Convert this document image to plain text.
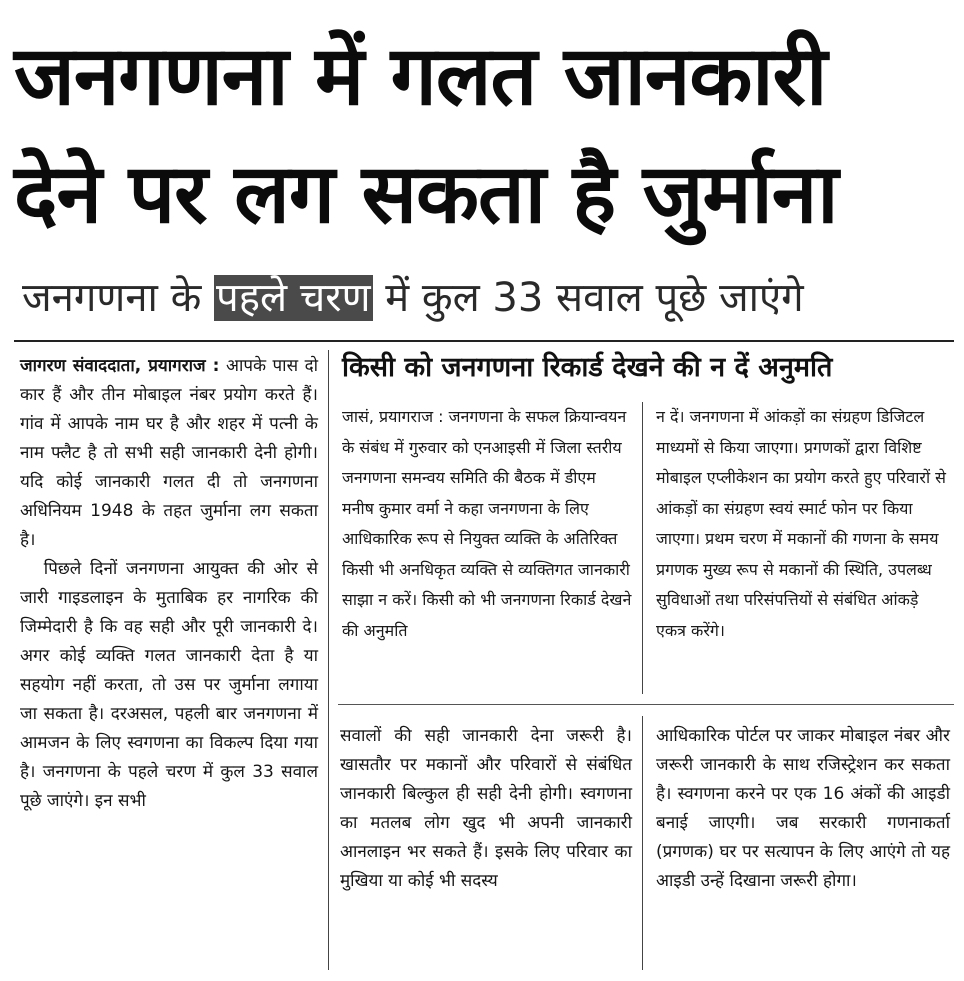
जनगणना में गलत जानकारी
देने पर लग सकता है जुर्माना
जनगणना के पहले चरण में कुल 33 सवाल पूछे जाएंगे

जागरण संवाददाता, प्रयागराज : आपके पास दो कार हैं और तीन मोबाइल नंबर प्रयोग करते हैं। गांव में आपके नाम घर है और शहर में पत्नी के नाम फ्लैट है तो सभी सही जानकारी देनी होगी। यदि कोई जानकारी गलत दी तो जनगणना अधिनियम 1948 के तहत जुर्माना लग सकता है।

पिछले दिनों जनगणना आयुक्त की ओर से जारी गाइडलाइन के मुताबिक हर नागरिक की जिम्मेदारी है कि वह सही और पूरी जानकारी दे। अगर कोई व्यक्ति गलत जानकारी देता है या सहयोग नहीं करता, तो उस पर जुर्माना लगाया जा सकता है। दरअसल, पहली बार जनगणना में आमजन के लिए स्वगणना का विकल्प दिया गया है। जनगणना के पहले चरण में कुल 33 सवाल पूछे जाएंगे। इन सभी

किसी को जनगणना रिकार्ड देखने की न दें अनुमति

जासं, प्रयागराज : जनगणना के सफल क्रियान्वयन के संबंध में गुरुवार को एनआइसी में जिला स्तरीय जनगणना समन्वय समिति की बैठक में डीएम मनीष कुमार वर्मा ने कहा जनगणना के लिए आधिकारिक रूप से नियुक्त व्यक्ति के अतिरिक्त किसी भी अनधिकृत व्यक्ति से व्यक्तिगत जानकारी साझा न करें। किसी को भी जनगणना रिकार्ड देखने की अनुमति

न दें। जनगणना में आंकड़ों का संग्रहण डिजिटल माध्यमों से किया जाएगा। प्रगणकों द्वारा विशिष्ट मोबाइल एप्लीकेशन का प्रयोग करते हुए परिवारों से आंकड़ों का संग्रहण स्वयं स्मार्ट फोन पर किया जाएगा। प्रथम चरण में मकानों की गणना के समय प्रगणक मुख्य रूप से मकानों की स्थिति, उपलब्ध सुविधाओं तथा परिसंपत्तियों से संबंधित आंकड़े एकत्र करेंगे।

सवालों की सही जानकारी देना जरूरी है। खासतौर पर मकानों और परिवारों से संबंधित जानकारी बिल्कुल ही सही देनी होगी। स्वगणना का मतलब लोग खुद भी अपनी जानकारी आनलाइन भर सकते हैं। इसके लिए परिवार का मुखिया या कोई भी सदस्य

आधिकारिक पोर्टल पर जाकर मोबाइल नंबर और जरूरी जानकारी के साथ रजिस्ट्रेशन कर सकता है। स्वगणना करने पर एक 16 अंकों की आइडी बनाई जाएगी। जब सरकारी गणनाकर्ता (प्रगणक) घर पर सत्यापन के लिए आएंगे तो यह आइडी उन्हें दिखाना जरूरी होगा।
